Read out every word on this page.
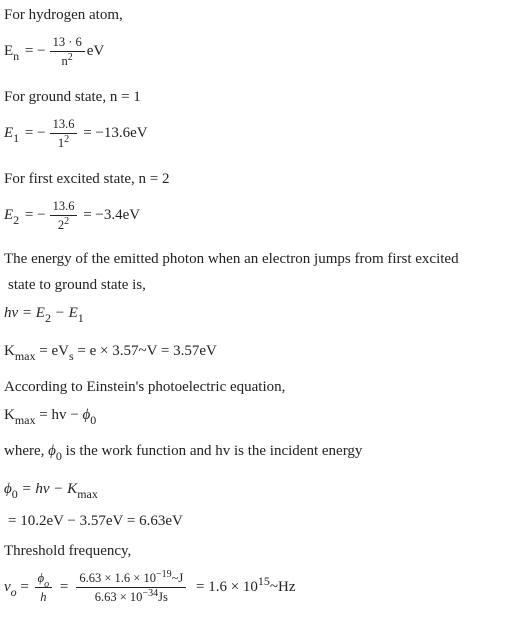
For hydrogen atom,
$E_n$ = − $\frac{13 \cdot 6}{n^2}$ eV
For ground state, n = 1
$E_1$ = − $\frac{13.6}{1^2} = -13.6eV$
For first excited state, n = 2
$E_2$ = − $\frac{13.6}{2^2} = -3.4eV$
The energy of the emitted photon when an electron jumps from first excited
state to ground state is,
hv = $E_2 - E_1$
$K_{max} = eV_s = e$ × 3.57~V = 3.57eV
According to Einstein's photoelectric equation,
$K_{max}$ = hv − $\phi_0$
where, $\phi_0$ is the work function and hv is the incident energy
$\phi_0$ = hv − $K_{max}$
= 10.2eV − 3.57eV = 6.63eV
Threshold frequency,
$v_o = \frac{\phi_o}{h} = \frac{6.63 \times 1.6 \times 10^{-19}\sim J}{6.63 \times 10^{-34}Js} = 1.6$ × $10^{15}\sim Hz$
